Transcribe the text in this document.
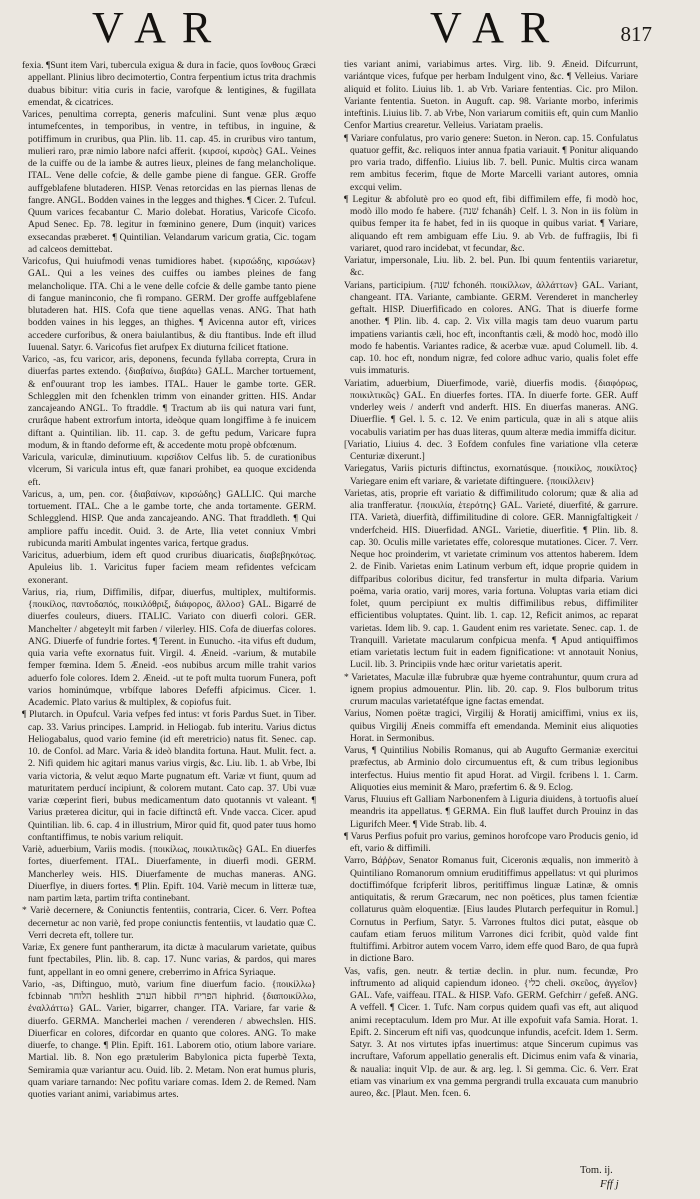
VAR	VAR	817

fexia. ¶Sunt item Vari, tubercula exigua & dura in facie, quos ἴονθους Græci appellant. Plinius libro decimotertio, Contra ferpentium ictus trita drachmis duabus bibitur: vitia curis in facie, varofque & lentigines, & fugillata emendat, & cicatrices.

Varices, penultima correpta, generis mafculini. Sunt venæ plus æquo intumefcentes, in temporibus, in ventre, in teftibus, in inguine, & potiffimum in cruribus, qua Plin. lib. 11. cap. 45. in cruribus viro tantum, mulieri raro, præ nimio labore nafci afferit. {κιρσοί, κιρσὸς} GAL. Veines de la cuiffe ou de la iambe & autres lieux, pleines de fang melancholique. ITAL. Vene delle cofcie, & delle gambe piene di fangue. GER. Groffe auffgeblafene blutaderen. HISP. Venas retorcidas en las piernas llenas de fangre. ANGL. Bodden vaines in the legges and thighes. ¶ Cicer. 2. Tufcul. Quum varices fecabantur C. Mario dolebat. Horatius, Varicofe Cicofo. Apud Senec. Ep. 78. legitur in fœminino genere, Dum (inquit) varices exsecandas præberet. ¶ Quintilian. Velandarum varicum gratia, Cic. togam ad calceos demittebat.

Varicofus, Qui huiufmodi venas tumidiores habet. {κιρσώδης, κιρσώων} GAL. Qui a les veines des cuiffes ou iambes pleines de fang melancholique. ITA. Chi a le vene delle cofcie & delle gambe tanto piene di fangue maninconio, che fi rompano. GERM. Der groffe auffgeblafene blutaderen hat. HIS. Cofa que tiene aquellas venas. ANG. That hath bodden vaines in his legges, an thighes. ¶ Avicenna autor eft, virices accedere curforibus, & onera baiulantibus, & diu ftantibus. Inde eft illud Iuuenal. Satyr. 6. Varicofus fiet arufpex Ex diuturna fcilicet ftatione.

Varico, -as, fcu varicor, aris, deponens, fecunda fyllaba correpta, Crura in diuerfas partes extendo. {διαβαίνω, διαβάω} GALL. Marcher tortuement, & enf'ouurant trop les iambes. ITAL. Hauer le gambe torte. GER. Schlegglen mit den fchenklen trimm von einander gritten. HIS. Andar zancajeando ANGL. To ftraddle. ¶ Tractum ab iis qui natura vari funt, crurâque habent extrorfum intorta, ideòque quam longiffime à fe inuicem diftant a. Quintilian. lib. 11. cap. 3. de geftu pedum, Varicare fupra modum, & in ftando deforme eft, & accedente motu propè obfcœnum.

Varicula, variculæ, diminutiuum. κιρσίδιον Celfus lib. 5. de curationibus vlcerum, Si varicula intus eft, quæ fanari prohibet, ea quoque excidenda eft.

Varicus, a, um, pen. cor. {διαβαίνων, κιρσώδης} GALLIC. Qui marche tortuement. ITAL. Che a le gambe torte, che anda tortamente. GERM. Schlegglend. HISP. Que anda zancajeando. ANG. That ftraddleth. ¶ Qui ampliore paffu incedit. Ouid. 3. de Arte, Ilia vetet conniux Vmbri rubicunda mariti Ambulat ingentes varica, fertque gradus.

Varicitus, aduerbium, idem eft quod cruribus diuaricatis, διαβεβηκότως. Apuleius lib. 1. Varicitus fuper faciem meam refidentes vefcicam exonerant.

Varius, ria, rium, Diffimilis, difpar, diuerfus, multiplex, multiformis. {ποικίλος, παντοδαπός, ποικιλόθριξ, διάφορος, ἄλλοσ} GAL. Bigarré de diuerfes couleurs, diuers. ITALIC. Variato con diuerfi colori. GER. Manchelter / abgeteylt mit farben / vilerley. HIS. Cofa de diuerfas colores. ANG. Diuerfe of fundrie fortes. ¶ Terent. in Eunucho. -ita vifus eft dudum, quia varia vefte exornatus fuit. Virgil. 4. Æneid. -varium, & mutabile femper fœmina. Idem 5. Æneid. -eos nubibus arcum mille trahit varios aduerfo fole colores. Idem 2. Æneid. -ut te poft multa tuorum Funera, poft varios hominúmque, vrbífque labores Defeffi afpicimus. Cicer. 1. Academic. Plato varius & multiplex, & copiofus fuit.

¶ Plutarch. in Opufcul. Varia vefpes fed intus: vt foris Pardus Suet. in Tiber. cap. 33. Varius principes. Lamprid. in Heliogab. fub interitu. Varius dictus Heliogabalus, quod vario femine (id eft meretricio) natus fit. Senec. cap. 10. de Confol. ad Marc. Varia & ideò blandita fortuna. Haut. Mulit. fect. a. 2. Nifi quidem hic agitari manus varius virgis, &c. Liu. lib. 1. ab Vrbe, Ibi varia victoria, & velut æquo Marte pugnatum eft. Variæ vt fiunt, quum ad maturitatem perducí incipiunt, & colorem mutant. Cato cap. 37. Ubi vuæ variæ cœperint fieri, bubus medicamentum dato quotannis vt valeant. ¶ Varius præterea dicitur, qui in facie diftinctâ eft. Vnde vacca. Cicer. apud Quintilian. lib. 6. cap. 4 in illustrium, Miror quid fit, quod pater tuus homo conftantiffimus, te nobis varium reliquit.

Variè, aduerbium, Variis modis. {ποικίλως, ποικιλτικῶς} GAL. En diuerfes fortes, diuerfement. ITAL. Diuerfamente, in diuerfi modi. GERM. Mancherley weis. HIS. Diuerfamente de muchas maneras. ANG. Diuerflye, in diuers fortes. ¶ Plin. Epift. 104. Variè mecum in litteræ tuæ, nam partim læta, partim trifta continebant.

* Variè decernere, & Coniunctis fententiis, contraria, Cicer. 6. Verr. Poftea decernetur ac non variè, fed prope coniunctis fententiis, vt laudatio quæ C. Verri decreta eft, tollere tur.

Variæ, Ex genere funt pantherarum, ita dictæ à macularum varietate, quibus funt fpectabiles, Plin. lib. 8. cap. 17. Nunc varias, & pardos, qui mares funt, appellant in eo omni genere, creberrimo in Africa Syriaque.

Vario, -as, Diftinguo, mutò, varium fine diuerfum facio. {ποικίλλω} fcbinnab הלוחר heshlith הערב hibbil הפריח hiphrid. {διαποικίλλω, ἐναλλάττω} GAL. Varier, bigarrer, changer. ITA. Variare, far varie & diuerfo. GERMA. Mancherlei machen / verenderen / abwechslen. HIS. Diuerficar en colores, difcordar en quanto que colores. ANG. To make diuerfe, to change. ¶ Plin. Epift. 161. Laborem otio, otium labore variare. Martial. lib. 8. Non ego prætulerim Babylonica picta fuperbè Texta, Semiramia quæ variantur acu. Ouid. lib. 2. Metam. Non erat humus pluris, quam variare tarnando: Nec pofitu variare comas. Idem 2. de Remed. Nam quoties variant animi, variabimus artes.

ties variant animi, variabimus artes. Virg. lib. 9. Æneid. Difcurrunt, variántque vices, fufque per herbam Indulgent vino, &c. ¶ Velleius. Variare aliquid et folito. Liuius lib. 1. ab Vrb. Variare fententias. Cic. pro Milon. Variante fententia. Sueton. in Auguft. cap. 98. Variante morbo, inferimis inteftinis. Liuius lib. 7. ab Vrbe, Non variarum comitiis eft, quin cum Manlio Cenfor Martius crearetur. Velleius. Variatam praelis.

¶ Variare confulatus, pro vario genere: Sueton. in Neron. cap. 15. Confulatus quatuor geffit, &c. reliquos inter annua fpatia variauit. ¶ Ponitur aliquando pro varia trado, diffenfio. Liuius lib. 7. bell. Punic. Multis circa wanam rem ambitus fecerim, ftque de Morte Marcelli variant autores, omnia excqui velim.

¶ Legitur & abfolutè pro eo quod eft, fibi diffimilem effe, fi modò hoc, modò illo modo fe habere. {שׁנה fchanáh} Celf. l. 3. Non in iis folùm in quibus femper ita fe habet, fed in iis quoque in quibus variat. ¶ Variare, aliquando eft rem ambiguam effe Liu. 9. ab Vrb. de fuffragiis, Ibi fi variaret, quod raro incidebat, vt fecundar, &c.

Variatur, impersonale, Liu. lib. 2. bel. Pun. Ibi quum fententiis variaretur, &c.

Varians, participium. {שׁנה fchonéh. ποικίλλων, ἀλλάττων} GAL. Variant, changeant. ITA. Variante, cambiante. GERM. Verenderet in mancherley geftalt. HISP. Diuerfificado en colores. ANG. That is diuerfe forme another. ¶ Plin. lib. 4. cap. 2. Vix villa magis tam deuo vuarum partu impatiens variantis cæli, hoc eft, inconftantis cæli, & modò hoc, modò illo modo fe habentis. Variantes radice, & acerbæ vuæ. apud Columell. lib. 4. cap. 10. hoc eft, nondum nigræ, fed colore adhuc vario, qualis folet effe vuis immaturis.

Variatim, aduerbium, Diuerfimode, variè, diuerfis modis. {διαφόρως, ποικιλτικῶς} GAL. En diuerfes fortes. ITA. In diuerfe forte. GER. Auff vnderley weis / anderft vnd anderft. HIS. En diuerfas maneras. ANG. Diuerflie. ¶ Gel. l. 5. c. 12. Ve enim particula, quæ in ali s atque aliis vocabulis variatim per has duas literas, quum alteræ media immiffa dicitur.

[Variatio, Liuius 4. dec. 3 Eofdem confules fine variatione vlla ceteræ Centuriæ dixerunt.]

Variegatus, Variis picturis diftinctus, exornatúsque. {ποικίλος, ποικίλτος} Variegare enim eft variare, & varietate diftinguere. {ποικίλλειν}

Varietas, atis, proprie eft variatio & diffimilitudo colorum; quæ & alia ad alia tranfferatur. {ποικιλία, ἑτερότης} GAL. Varieté, diuerfité, & garrure. ITA. Varietà, diuerfità, diffimilitudine di colore. GER. Mannigfaltigkeit / vnderfcheid. HIS. Diuerfidad. ANGL. Varietie, diuerfitie. ¶ Plin. lib. 8. cap. 30. Oculis mille varietates effe, coloresque mutationes. Cicer. 7. Verr. Neque hoc proinderim, vt varietate criminum vos attentos haberem. Idem 2. de Finib. Varietas enim Latinum verbum eft, idque proprie quidem in diffparibus coloribus dicitur, fed transfertur in multa difparia. Varium poëma, varia oratio, varij mores, varia fortuna. Voluptas varia etiam dici folet, quum percipiunt ex multis diffimilibus rebus, diffimiliter efficientibus voluptates. Quint. lib. 1. cap. 12, Reficit animos, ac reparat varietas. Idem lib. 9. cap. 1. Gaudent enim res varietate. Senec. cap. 1. de Tranquill. Varietate macularum confpicua menfa. ¶ Apud antiquiffimos etiam varietatis lectum fuit in eadem fignificatione: vt annotauit Nonius, Lucil. lib. 3. Principiis vnde hæc oritur varietatis aperit.

* Varietates, Maculæ illæ fubrubræ quæ hyeme contrahuntur, quum crura ad ignem propius admouentur. Plin. lib. 20. cap. 9. Flos bulborum tritus crurum maculas varietatéfque igne factas emendat.

Varius, Nomen poëtæ tragici, Virgilij & Horatij amiciffimi, vnius ex iis, quibus Virgilij Æneis commiffa eft emendanda. Meminit eius aliquoties Horat. in Sermonibus.

Varus, ¶ Quintilius Nobilis Romanus, qui ab Augufto Germaniæ exercitui præfectus, ab Arminio dolo circumuentus eft, & cum tribus legionibus interfectus. Huius mentio fit apud Horat. ad Virgil. fcribens l. 1. Carm. Aliquoties eius meminit & Maro, præfertim 6. & 9. Eclog.

Varus, Fluuius eft Galliam Narbonenfem à Liguria diuidens, à tortuofis alueí meandris ita appellatus. ¶ GERMA. Ein fluß lauffet durch Prouinz in das Ligurifch Meer. ¶ Vide Strab. lib. 4.

¶ Varus Perfius pofuit pro varius, geminos horofcope varo Producis genio, id eft, vario & diffimili.

Varro, Βάῤῥων, Senator Romanus fuit, Ciceronis æqualis, non immeritò à Quintiliano Romanorum omnium eruditiffimus appellatus: vt qui plurimos doctiffimófque fcripferit libros, peritiffimus linguæ Latinæ, & omnis antiquitatis, & rerum Græcarum, nec non poëtices, plus tamen fcientiæ collaturus quàm eloquentiæ. [Eius laudes Plutarch perfequitur in Romul.] Cornutus in Perfium, Satyr. 5. Varrones ftultos dici putat, eàsque ob caufam etiam feruos militum Varrones dici fcribit, quòd valde fint ftultiffimi. Arbitror autem vocem Varro, idem effe quod Baro, de qua fuprà in dictione Baro.

Vas, vafis, gen. neutr. & tertiæ declin. in plur. num. fecundæ, Pro inftrumento ad aliquid capiendum idoneo. {כלי cheli. σκεῦος, ἀγγεῖον} GAL. Vafe, vaiffeau. ITAL. & HISP. Vafo. GERM. Gefchirr / gefeß. ANG. A veffell. ¶ Cicer. 1. Tufc. Nam corpus quidem quafi vas eft, aut aliquod animi receptaculum. Idem pro Mur. At ille expofuit vafa Samia. Horat. 1. Epift. 2. Sincerum eft nifi vas, quodcunque infundis, acefcit. Idem 1. Serm. Satyr. 3. At nos virtutes ipfas inuertimus: atque Sincerum cupimus vas incruftare, Vaforum appellatio generalis eft. Dicimus enim vafa & vinaria, & naualia: inquit Vlp. de aur. & arg. leg. l. Si gemma. Cic. 6. Verr. Erat etiam vas vinarium ex vna gemma pergrandi trulla excauata cum manubrio aureo, &c. [Plaut. Men. fcen. 6.

Tom. ij.
Fff j
